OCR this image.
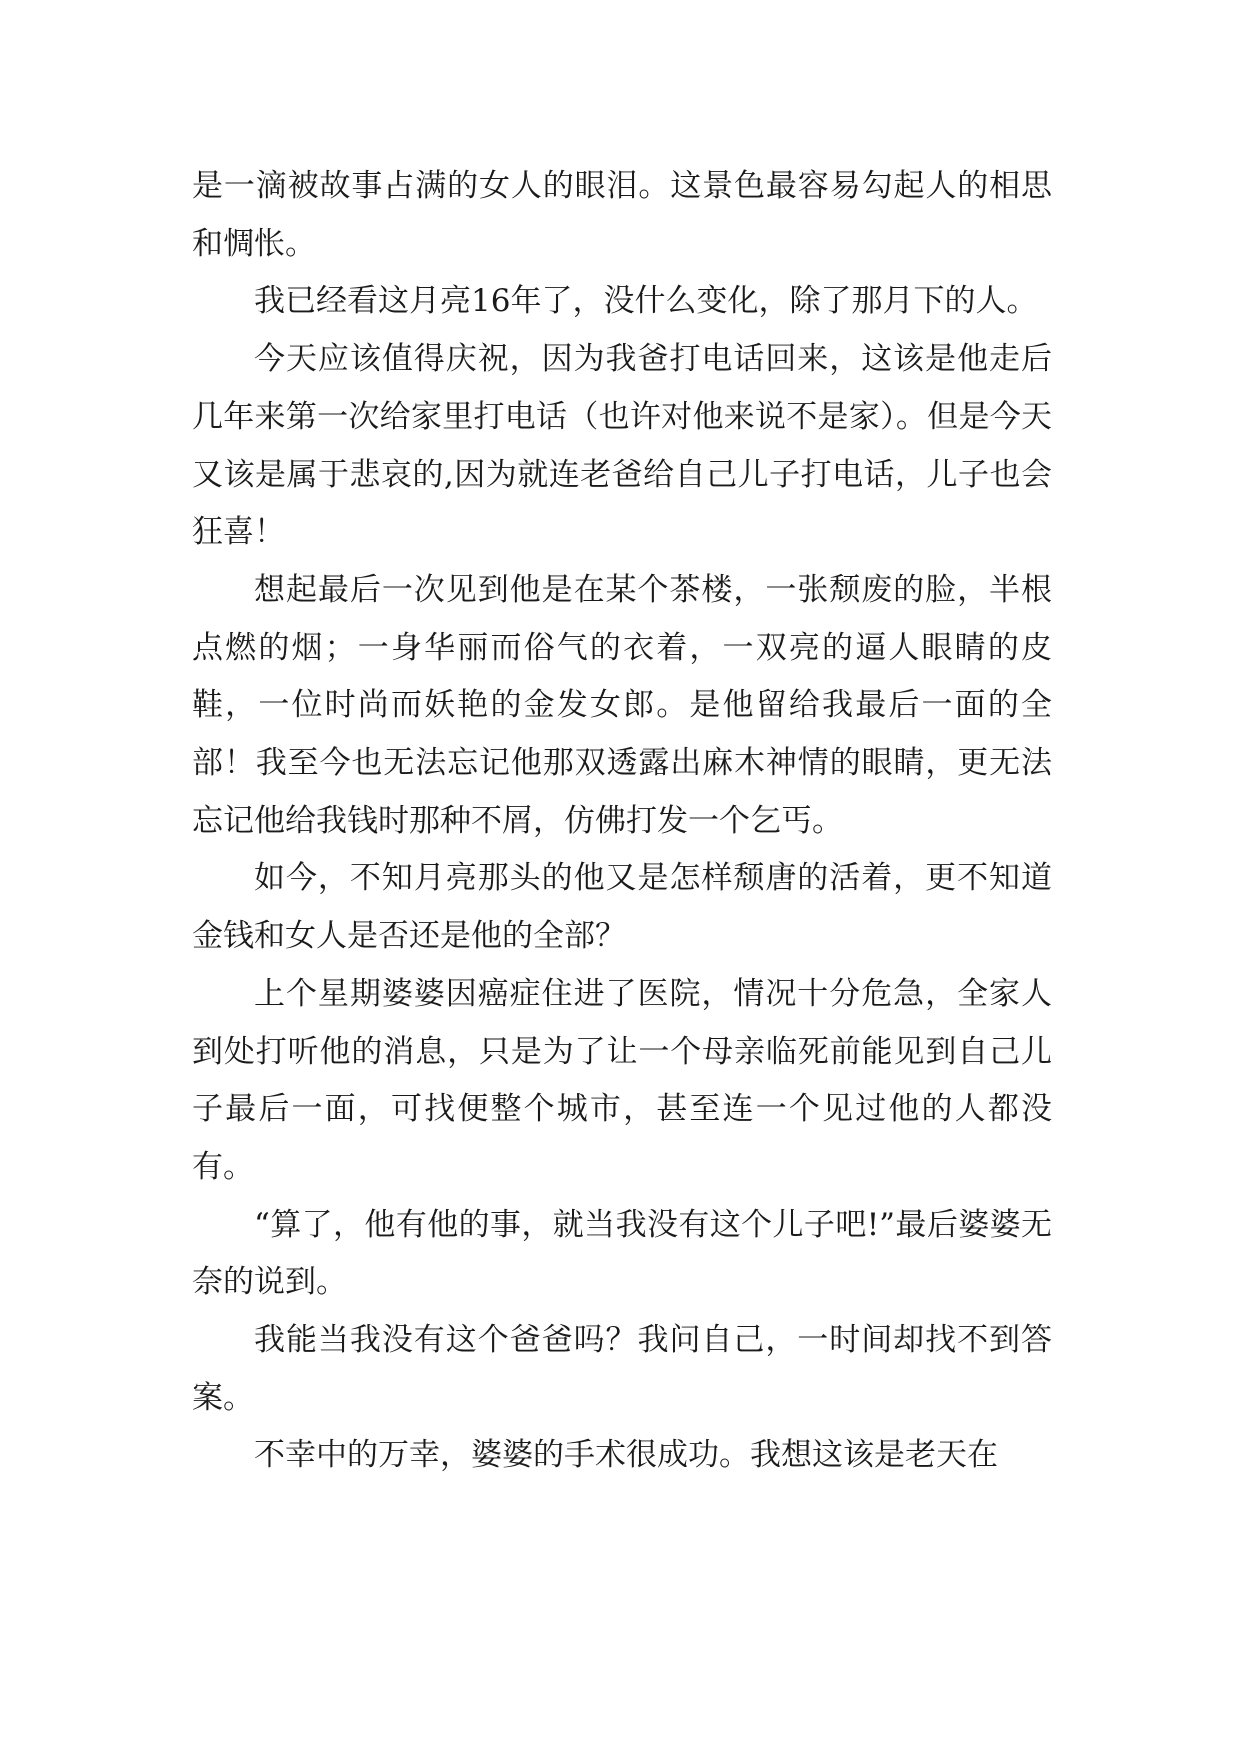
是一滴被故事占满的女人的眼泪。这景色最容易勾起人的相思和惆怅。

我已经看这月亮16年了，没什么变化，除了那月下的人。

今天应该值得庆祝，因为我爸打电话回来，这该是他走后几年来第一次给家里打电话（也许对他来说不是家）。但是今天又该是属于悲哀的,因为就连老爸给自己儿子打电话，儿子也会狂喜！

想起最后一次见到他是在某个茶楼，一张颓废的脸，半根点燃的烟；一身华丽而俗气的衣着，一双亮的逼人眼睛的皮鞋，一位时尚而妖艳的金发女郎。是他留给我最后一面的全部！我至今也无法忘记他那双透露出麻木神情的眼睛，更无法忘记他给我钱时那种不屑，仿佛打发一个乞丐。

如今，不知月亮那头的他又是怎样颓唐的活着，更不知道金钱和女人是否还是他的全部？

上个星期婆婆因癌症住进了医院，情况十分危急，全家人到处打听他的消息，只是为了让一个母亲临死前能见到自己儿子最后一面，可找便整个城市，甚至连一个见过他的人都没有。

“算了，他有他的事，就当我没有这个儿子吧!”最后婆婆无奈的说到。

我能当我没有这个爸爸吗？我问自己，一时间却找不到答案。

不幸中的万幸，婆婆的手术很成功。我想这该是老天在
